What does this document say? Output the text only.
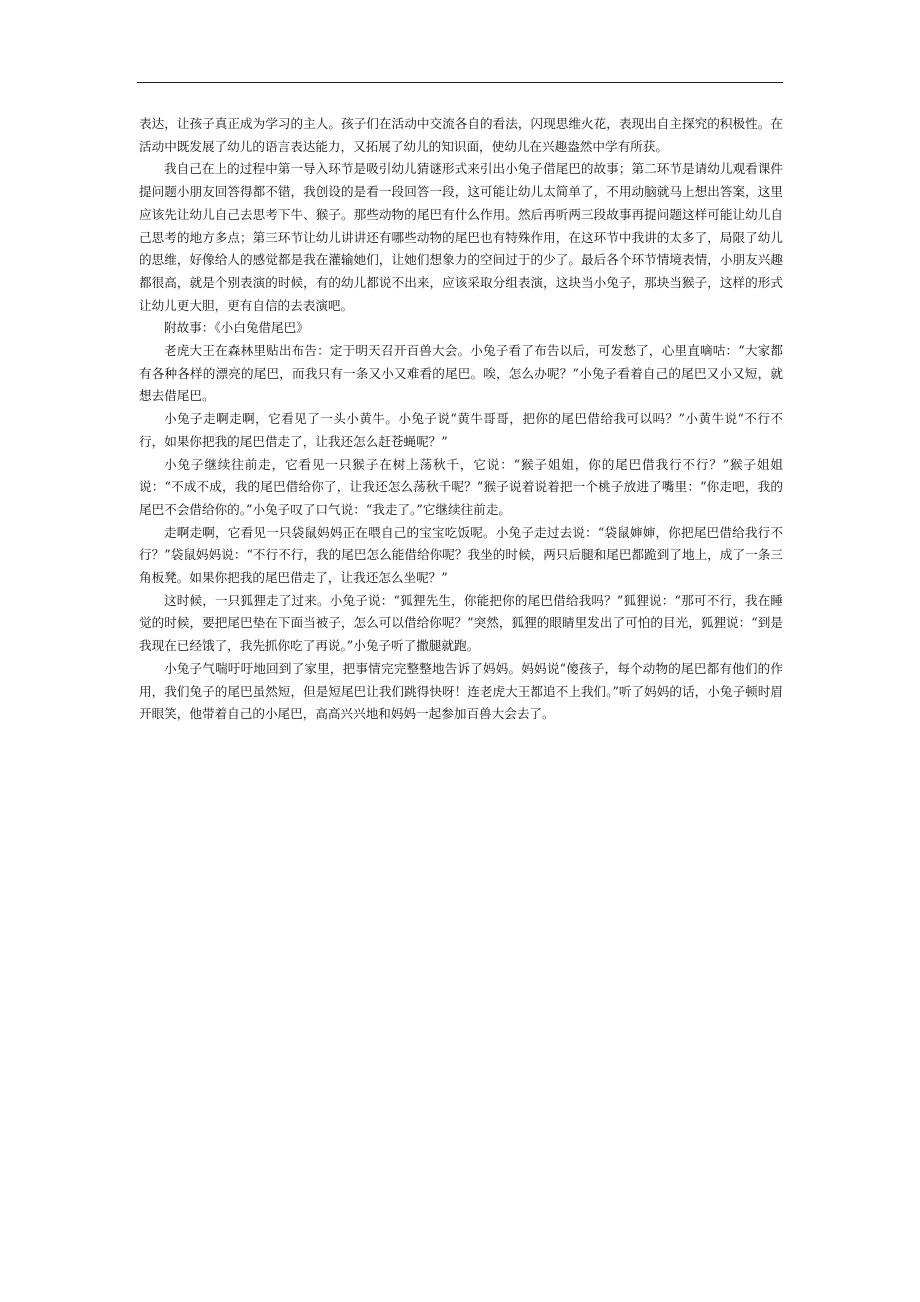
表达，让孩子真正成为学习的主人。孩子们在活动中交流各自的看法，闪现思维火花，表现出自主探究的积极性。在活动中既发展了幼儿的语言表达能力，又拓展了幼儿的知识面，使幼儿在兴趣盎然中学有所获。

我自己在上的过程中第一导入环节是吸引幼儿猜谜形式来引出小兔子借尾巴的故事；第二环节是请幼儿观看课件提问题小朋友回答得都不错，我创设的是看一段回答一段，这可能让幼儿太简单了，不用动脑就马上想出答案，这里应该先让幼儿自己去思考下牛、猴子。那些动物的尾巴有什么作用。然后再听两三段故事再提问题这样可能让幼儿自己思考的地方多点；第三环节让幼儿讲讲还有哪些动物的尾巴也有特殊作用，在这环节中我讲的太多了，局限了幼儿的思维，好像给人的感觉都是我在灌输她们，让她们想象力的空间过于的少了。最后各个环节情境表情，小朋友兴趣都很高，就是个别表演的时候，有的幼儿都说不出来，应该采取分组表演，这块当小兔子，那块当猴子，这样的形式让幼儿更大胆，更有自信的去表演吧。

附故事：《小白兔借尾巴》

老虎大王在森林里贴出布告：定于明天召开百兽大会。小兔子看了布告以后，可发愁了，心里直嘀咕：“大家都有各种各样的漂亮的尾巴，而我只有一条又小又难看的尾巴。唉，怎么办呢？”小兔子看着自己的尾巴又小又短，就想去借尾巴。

小兔子走啊走啊，它看见了一头小黄牛。小兔子说“黄牛哥哥，把你的尾巴借给我可以吗？”小黄牛说“不行不行，如果你把我的尾巴借走了，让我还怎么赶苍蝇呢？”

小兔子继续往前走，它看见一只猴子在树上荡秋千，它说：“猴子姐姐，你的尾巴借我行不行？”猴子姐姐说：“不成不成，我的尾巴借给你了，让我还怎么荡秋千呢？”猴子说着说着把一个桃子放进了嘴里：“你走吧，我的尾巴不会借给你的。”小兔子叹了口气说：“我走了。”它继续往前走。

走啊走啊，它看见一只袋鼠妈妈正在喂自己的宝宝吃饭呢。小兔子走过去说：“袋鼠婶婶，你把尾巴借给我行不行？”袋鼠妈妈说：“不行不行，我的尾巴怎么能借给你呢？我坐的时候，两只后腿和尾巴都跪到了地上，成了一条三角板凳。如果你把我的尾巴借走了，让我还怎么坐呢？”

这时候，一只狐狸走了过来。小兔子说：“狐狸先生，你能把你的尾巴借给我吗？”狐狸说：“那可不行，我在睡觉的时候，要把尾巴垫在下面当被子，怎么可以借给你呢？”突然，狐狸的眼睛里发出了可怕的目光，狐狸说：“到是我现在已经饿了，我先抓你吃了再说。”小兔子听了撒腿就跑。

小兔子气喘吁吁地回到了家里，把事情完完整整地告诉了妈妈。妈妈说“傻孩子，每个动物的尾巴都有他们的作用，我们兔子的尾巴虽然短，但是短尾巴让我们跳得快呀！连老虎大王都追不上我们。”听了妈妈的话，小兔子顿时眉开眼笑，他带着自己的小尾巴，高高兴兴地和妈妈一起参加百兽大会去了。
